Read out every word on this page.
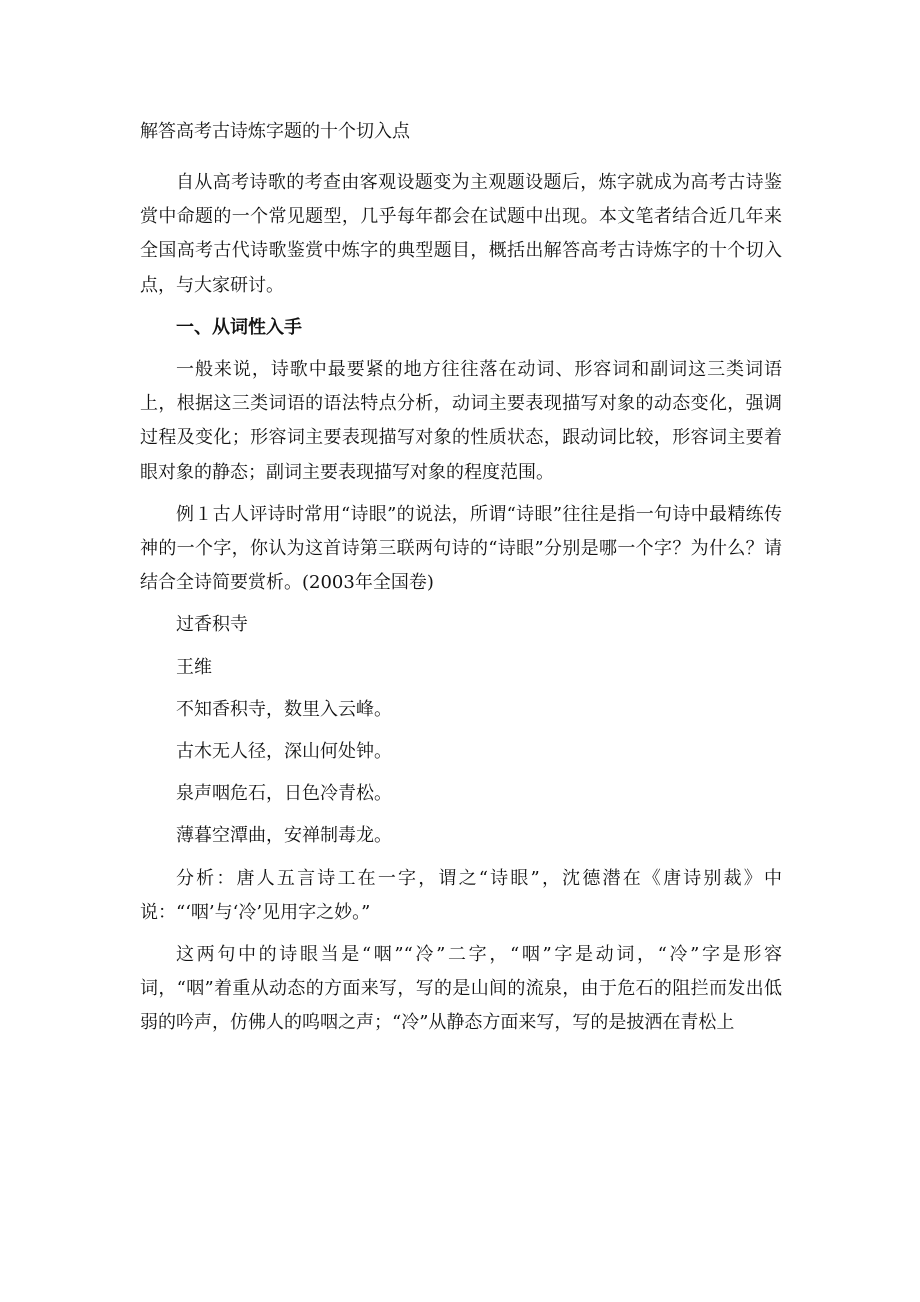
解答高考古诗炼字题的十个切入点

自从高考诗歌的考查由客观设题变为主观题设题后，炼字就成为高考古诗鉴赏中命题的一个常见题型，几乎每年都会在试题中出现。本文笔者结合近几年来全国高考古代诗歌鉴赏中炼字的典型题目，概括出解答高考古诗炼字的十个切入点，与大家研讨。

一、从词性入手

一般来说，诗歌中最要紧的地方往往落在动词、形容词和副词这三类词语上，根据这三类词语的语法特点分析，动词主要表现描写对象的动态变化，强调过程及变化；形容词主要表现描写对象的性质状态，跟动词比较，形容词主要着眼对象的静态；副词主要表现描写对象的程度范围。

例１古人评诗时常用“诗眼”的说法，所谓“诗眼”往往是指一句诗中最精练传神的一个字，你认为这首诗第三联两句诗的“诗眼”分别是哪一个字？为什么？请结合全诗简要赏析。(2003年全国卷)

过香积寺

王维

不知香积寺，数里入云峰。

古木无人径，深山何处钟。

泉声咽危石，日色冷青松。

薄暮空潭曲，安禅制毒龙。

分析：唐人五言诗工在一字，谓之“诗眼”，沈德潜在《唐诗别裁》中说：“‘咽’与‘冷’见用字之妙。”

这两句中的诗眼当是“咽”“冷”二字，“咽”字是动词，“冷”字是形容词，“咽”着重从动态的方面来写，写的是山间的流泉，由于危石的阻拦而发出低弱的吟声，仿佛人的呜咽之声；“冷”从静态方面来写，写的是披洒在青松上
